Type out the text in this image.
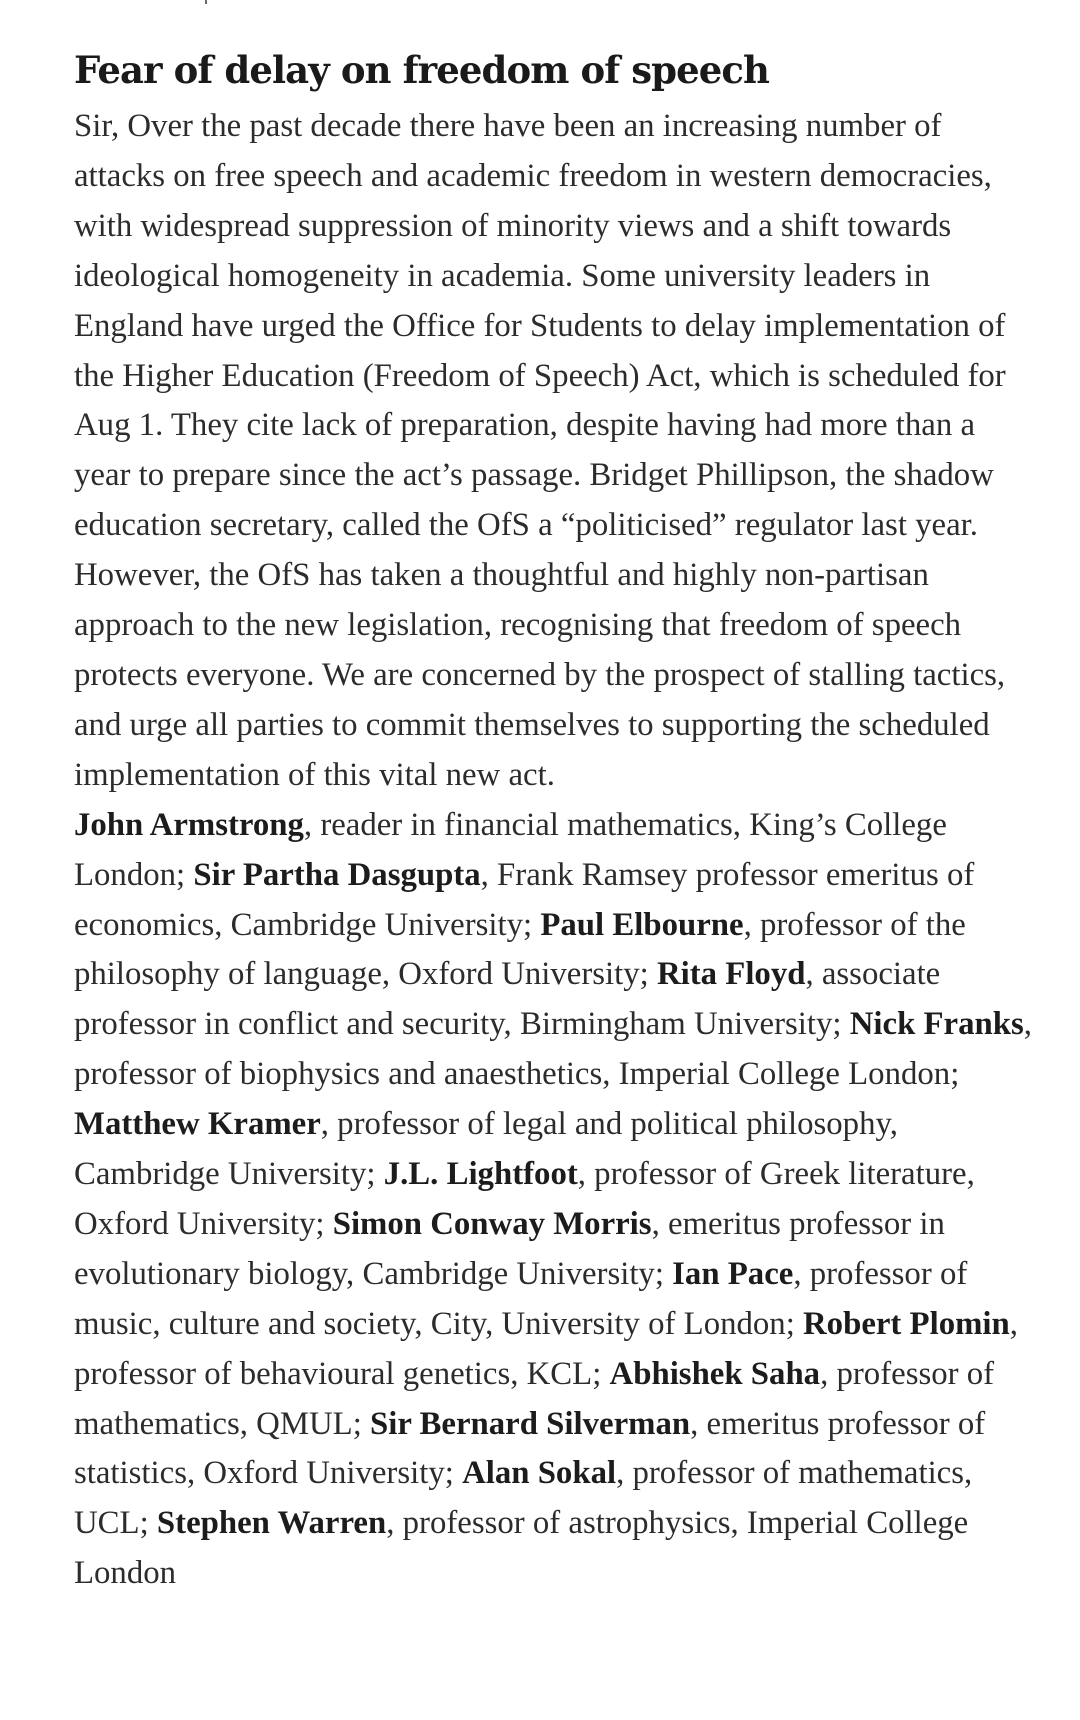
Fear of delay on freedom of speech

Sir, Over the past decade there have been an increasing number of attacks on free speech and academic freedom in western democracies, with widespread suppression of minority views and a shift towards ideological homogeneity in academia. Some university leaders in England have urged the Office for Students to delay implementation of the Higher Education (Freedom of Speech) Act, which is scheduled for Aug 1. They cite lack of preparation, despite having had more than a year to prepare since the act’s passage. Bridget Phillipson, the shadow education secretary, called the OfS a “politicised” regulator last year. However, the OfS has taken a thoughtful and highly non-partisan approach to the new legislation, recognising that freedom of speech protects everyone. We are concerned by the prospect of stalling tactics, and urge all parties to commit themselves to supporting the scheduled implementation of this vital new act.

John Armstrong, reader in financial mathematics, King’s College London; Sir Partha Dasgupta, Frank Ramsey professor emeritus of economics, Cambridge University; Paul Elbourne, professor of the philosophy of language, Oxford University; Rita Floyd, associate professor in conflict and security, Birmingham University; Nick Franks, professor of biophysics and anaesthetics, Imperial College London; Matthew Kramer, professor of legal and political philosophy, Cambridge University; J.L. Lightfoot, professor of Greek literature, Oxford University; Simon Conway Morris, emeritus professor in evolutionary biology, Cambridge University; Ian Pace, professor of music, culture and society, City, University of London; Robert Plomin, professor of behavioural genetics, KCL; Abhishek Saha, professor of mathematics, QMUL; Sir Bernard Silverman, emeritus professor of statistics, Oxford University; Alan Sokal, professor of mathematics, UCL; Stephen Warren, professor of astrophysics, Imperial College London
